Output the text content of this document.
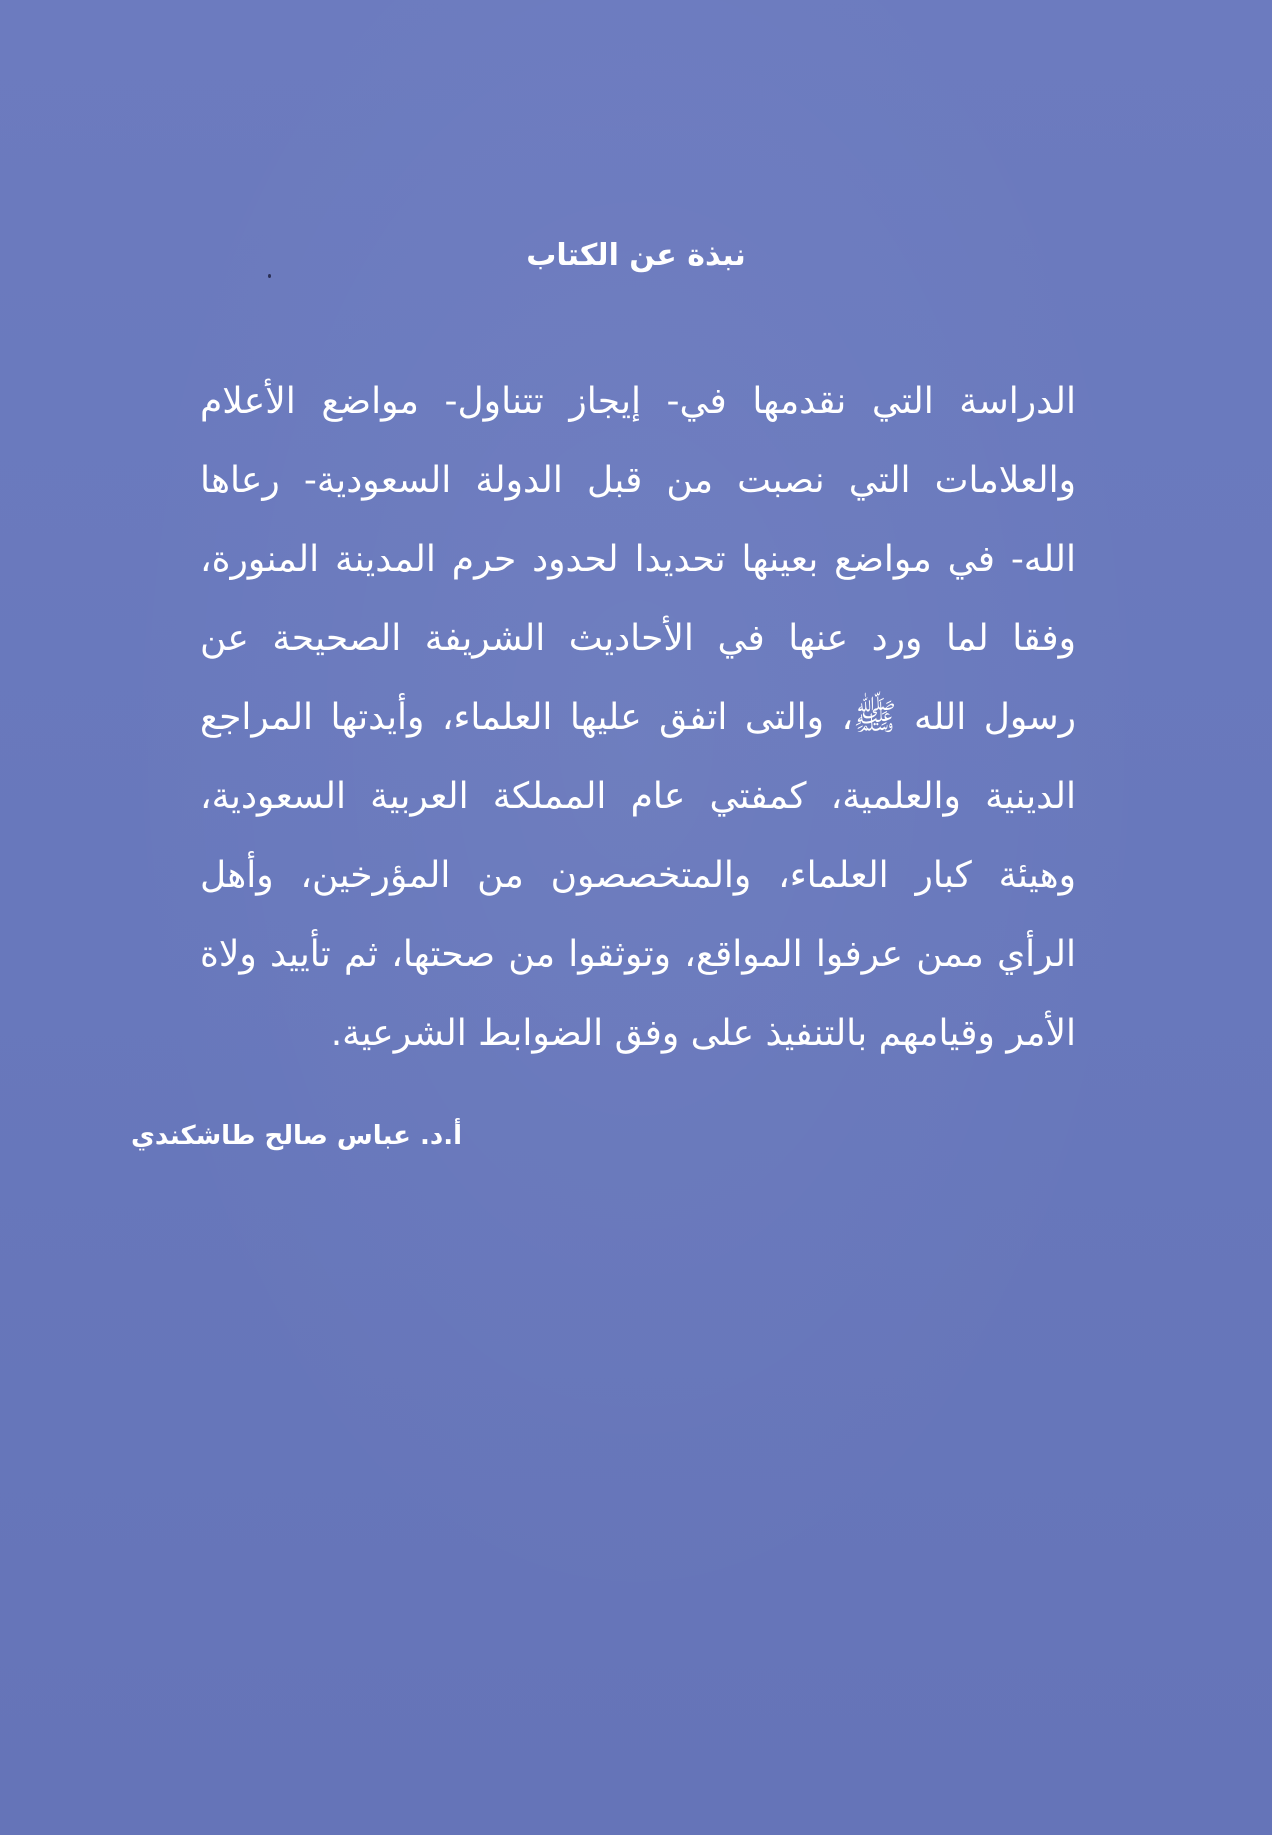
نبذة عن الكتاب
الدراسة التي نقدمها في- إيجاز تتناول- مواضع الأعلام
والعلامات التي نصبت من قبل الدولة السعودية- رعاها
الله- في مواضع بعينها تحديدا لحدود حرم المدينة المنورة،
وفقا لما ورد عنها في الأحاديث الشريفة الصحيحة عن
رسول الله ﷺ، والتى اتفق عليها العلماء، وأيدتها المراجع
الدينية والعلمية، كمفتي عام المملكة العربية السعودية،
وهيئة كبار العلماء، والمتخصصون من المؤرخين، وأهل
الرأي ممن عرفوا المواقع، وتوثقوا من صحتها، ثم تأييد ولاة
الأمر وقيامهم بالتنفيذ على وفق الضوابط الشرعية.

أ.د. عباس صالح طاشكندي
